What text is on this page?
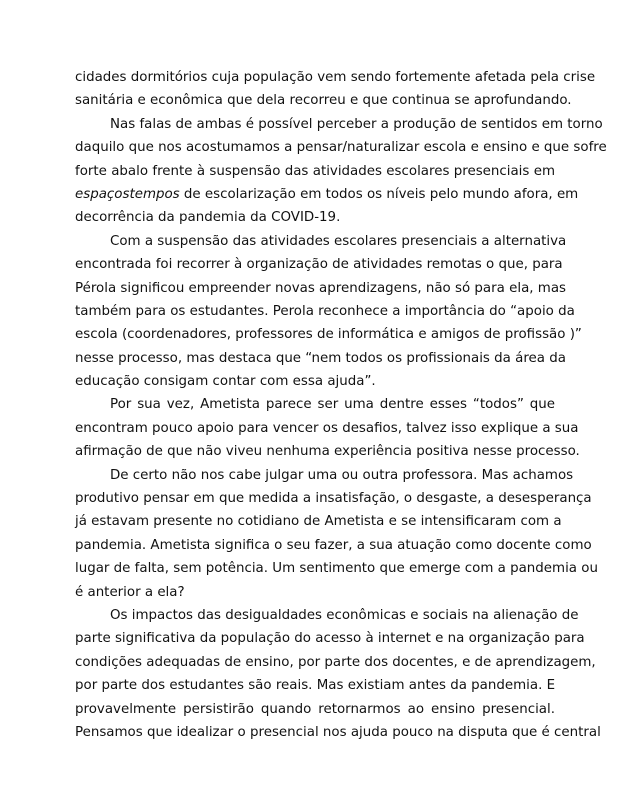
cidades dormitórios cuja população vem sendo fortemente afetada pela crise
sanitária e econômica que dela recorreu e que continua se aprofundando.
Nas falas de ambas é possível perceber a produção de sentidos em torno
daquilo que nos acostumamos a pensar/naturalizar escola e ensino e que sofre
forte abalo frente à suspensão das atividades escolares presenciais em
espaçostempos de escolarização em todos os níveis pelo mundo afora, em
decorrência da pandemia da COVID-19.
Com a suspensão das atividades escolares presenciais a alternativa
encontrada foi recorrer à organização de atividades remotas o que, para
Pérola significou empreender novas aprendizagens, não só para ela, mas
também para os estudantes. Perola reconhece a importância do “apoio da
escola (coordenadores, professores de informática e amigos de profissão )”
nesse processo, mas destaca que “nem todos os profissionais da área da
educação consigam contar com essa ajuda”.
Por sua vez, Ametista parece ser uma dentre esses “todos” que
encontram pouco apoio para vencer os desafios, talvez isso explique a sua
afirmação de que não viveu nenhuma experiência positiva nesse processo.
De certo não nos cabe julgar uma ou outra professora. Mas achamos
produtivo pensar em que medida a insatisfação, o desgaste, a desesperança
já estavam presente no cotidiano de Ametista e se intensificaram com a
pandemia. Ametista significa o seu fazer, a sua atuação como docente como
lugar de falta, sem potência. Um sentimento que emerge com a pandemia ou
é anterior a ela?
Os impactos das desigualdades econômicas e sociais na alienação de
parte significativa da população do acesso à internet e na organização para
condições adequadas de ensino, por parte dos docentes, e de aprendizagem,
por parte dos estudantes são reais. Mas existiam antes da pandemia. E
provavelmente persistirão quando retornarmos ao ensino presencial.
Pensamos que idealizar o presencial nos ajuda pouco na disputa que é central
